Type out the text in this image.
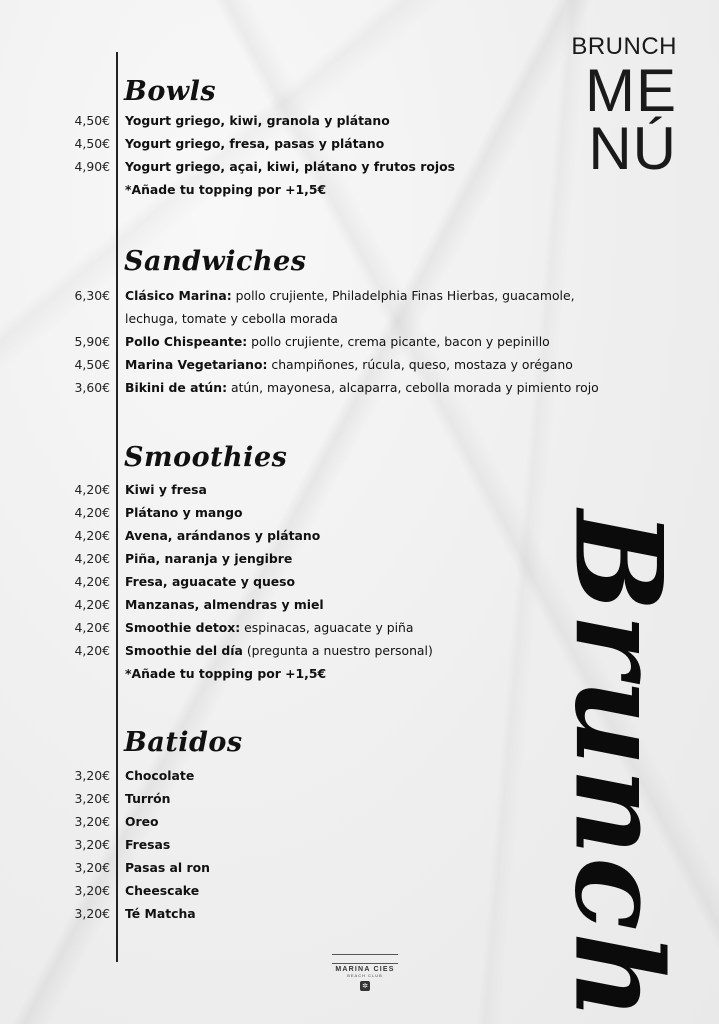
BRUNCH
ME
NÚ
Brunch
Bowls
4,50€ Yogurt griego, kiwi, granola y plátano
4,50€ Yogurt griego, fresa, pasas y plátano
4,90€ Yogurt griego, açai, kiwi, plátano y frutos rojos
*Añade tu topping por +1,5€
Sandwiches
6,30€ Clásico Marina: pollo crujiente, Philadelphia Finas Hierbas, guacamole,
lechuga, tomate y cebolla morada
5,90€ Pollo Chispeante: pollo crujiente, crema picante, bacon y pepinillo
4,50€ Marina Vegetariano: champiñones, rúcula, queso, mostaza y orégano
3,60€ Bikini de atún: atún, mayonesa, alcaparra, cebolla morada y pimiento rojo
Smoothies
4,20€ Kiwi y fresa
4,20€ Plátano y mango
4,20€ Avena, arándanos y plátano
4,20€ Piña, naranja y jengibre
4,20€ Fresa, aguacate y queso
4,20€ Manzanas, almendras y miel
4,20€ Smoothie detox: espinacas, aguacate y piña
4,20€ Smoothie del día (pregunta a nuestro personal)
*Añade tu topping por +1,5€
Batidos
3,20€ Chocolate
3,20€ Turrón
3,20€ Oreo
3,20€ Fresas
3,20€ Pasas al ron
3,20€ Cheescake
3,20€ Té Matcha
MARINA CIES
BEACH CLUB
✲
